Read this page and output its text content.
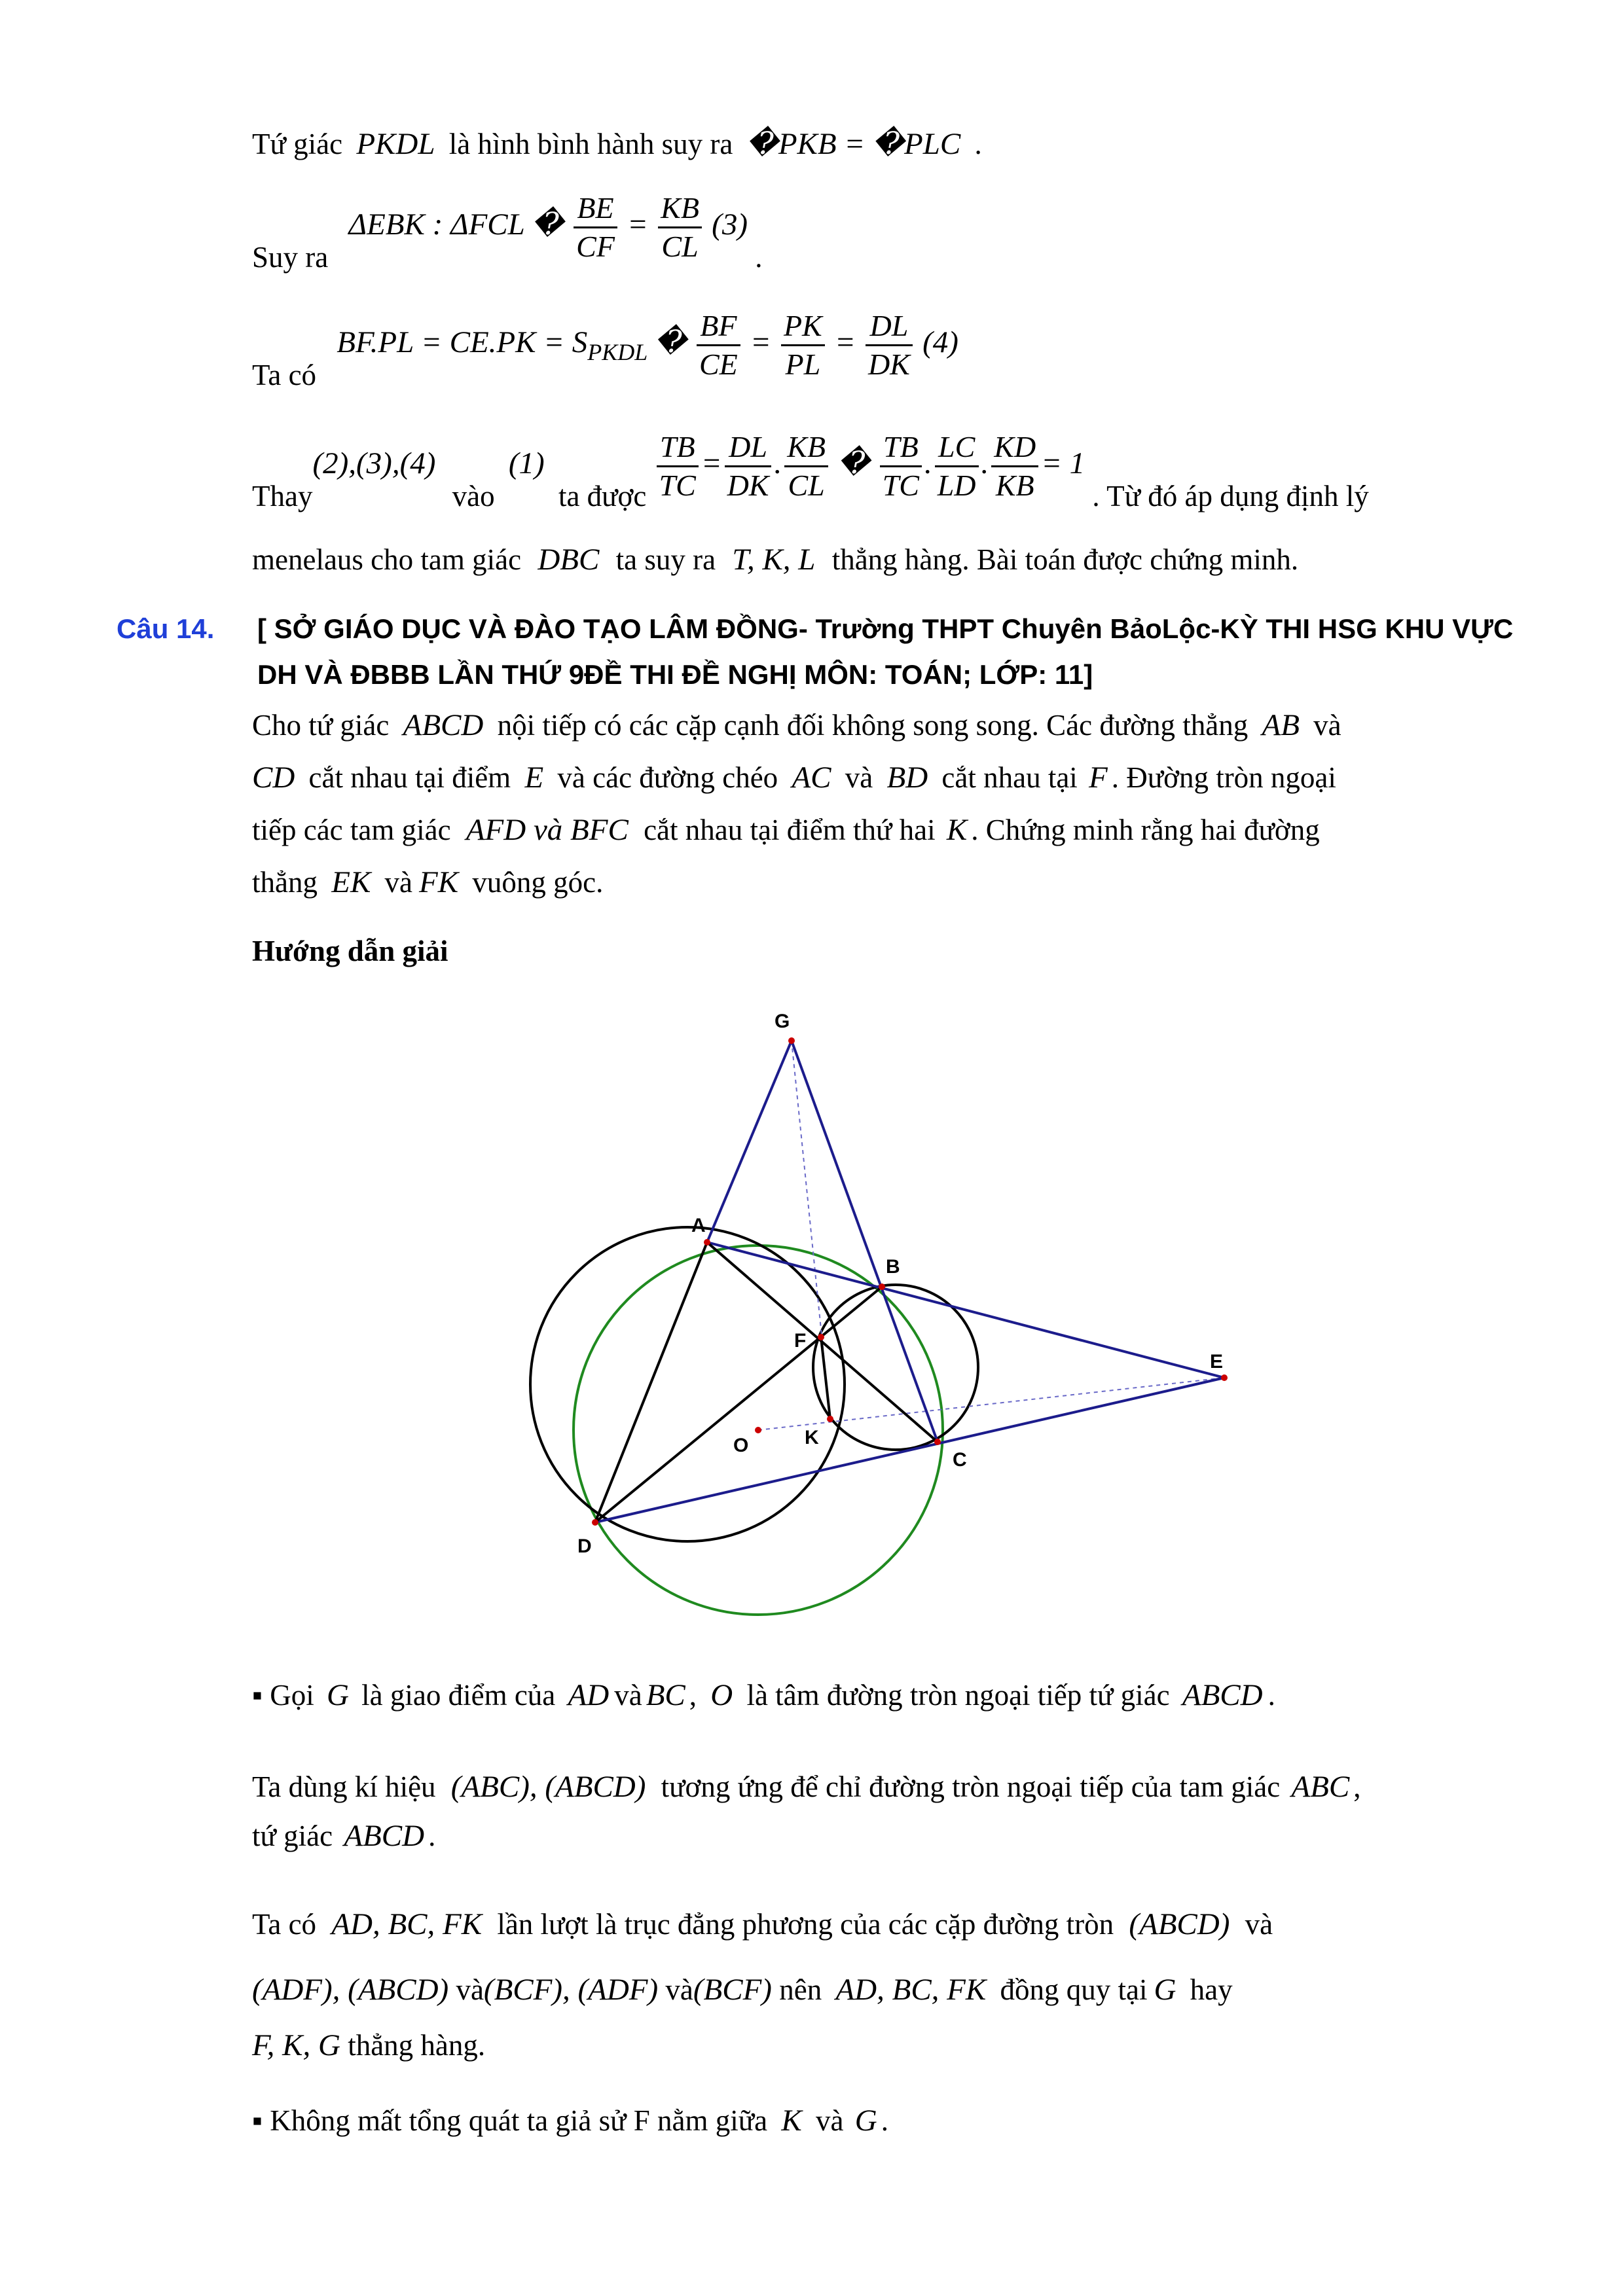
Tứ giác PKDL là hình bình hành suy ra �PKB = �PLC .
Suy ra ΔEBK : ΔFCL � $\frac{BE}{CF} = \frac{KB}{CL} (3)$ .
Ta có $BF.PL = CE.PK = S_{PKDL}$ � $\frac{BF}{CE} = \frac{PK}{PL} = \frac{DL}{DK} (4)$
Thay(2),(3),(4) vào (1) ta được $\frac{TB}{TC} = \frac{DL}{DK}$ . $\frac{KB}{CL}$ � $\frac{TB}{TC}$ . $\frac{LC}{LD}$ . $\frac{KD}{KB} = 1$ . Từ đó áp dụng định lý
menelaus cho tam giác DBC ta suy ra T, K, L thẳng hàng. Bài toán được chứng minh.
Câu 14. [ SỞ GIÁO DỤC VÀ ĐÀO TẠO LÂM ĐỒNG- Trường THPT Chuyên BảoLộc-KỲ THI HSG KHU VỰC
DH VÀ ĐBBB LẦN THỨ 9ĐỀ THI ĐỀ NGHỊ MÔN: TOÁN; LỚP: 11]
Cho tứ giác ABCD nội tiếp có các cặp cạnh đối không song song. Các đường thẳng AB và
CD cắt nhau tại điểm E và các đường chéo AC và BD cắt nhau tại F . Đường tròn ngoại
tiếp các tam giác AFD và BFC cắt nhau tại điểm thứ hai K . Chứng minh rằng hai đường
thẳng EK và FK vuông góc.
Hướng dẫn giải
G
A
B
F
E
O	K
C
D
▪ Gọi G là giao điểm của AD và BC , O là tâm đường tròn ngoại tiếp tứ giác ABCD .
Ta dùng kí hiệu (ABC), (ABCD) tương ứng để chỉ đường tròn ngoại tiếp của tam giác ABC ,
tứ giác ABCD .
Ta có AD, BC, FK lần lượt là trục đẳng phương của các cặp đường tròn (ABCD) và
(ADF), (ABCD) và(BCF), (ADF) và(BCF) nên AD, BC, FK đồng quy tại G hay
F, K, G thẳng hàng.
▪ Không mất tổng quát ta giả sử F nằm giữa K và G .
